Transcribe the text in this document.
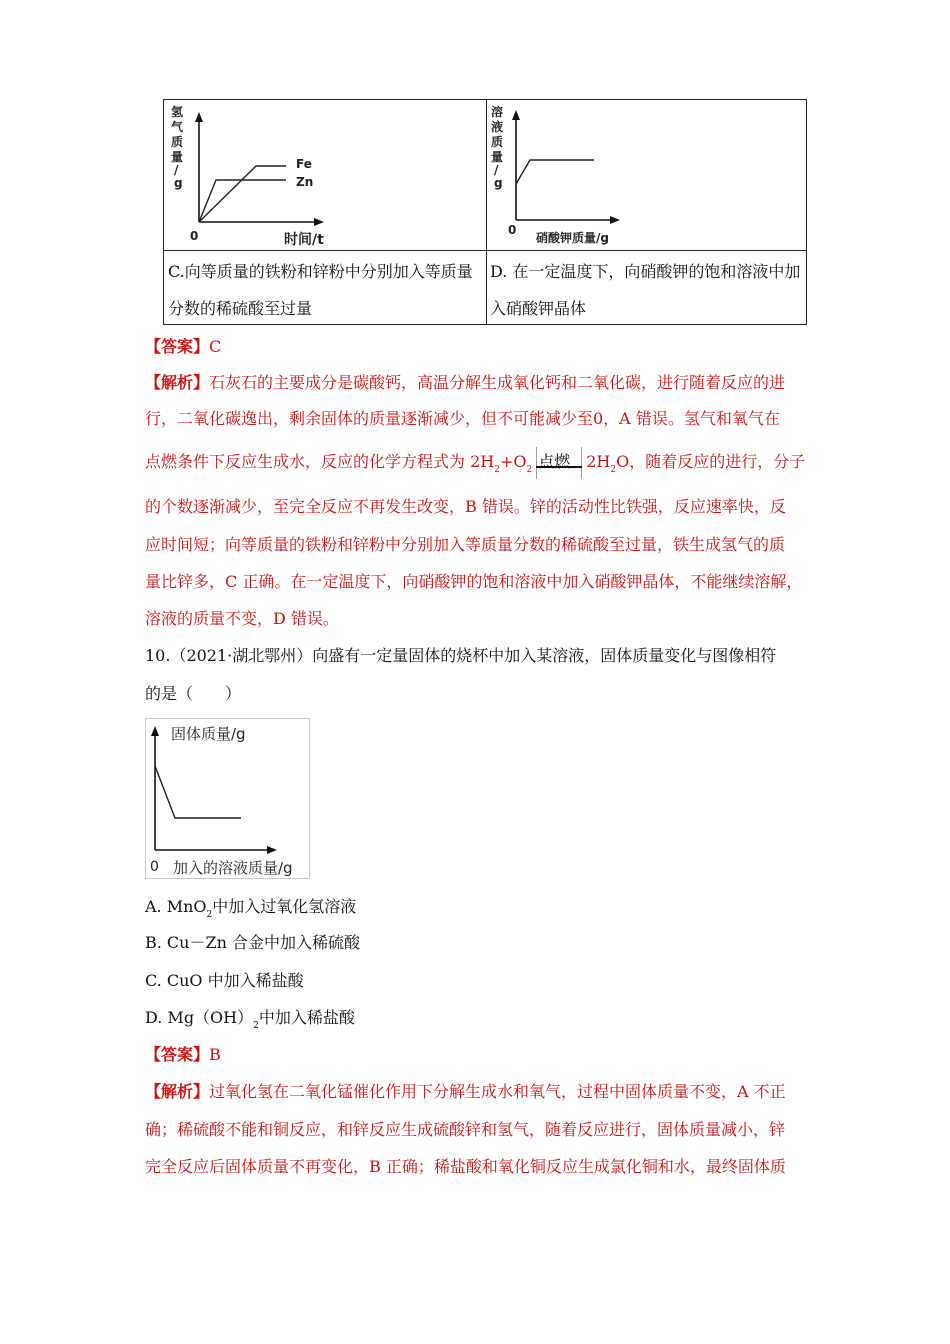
氢
气
质
量
/
g
Fe
Zn
0	时间/t
溶
液
质
量
/
g
0
硝酸钾质量/g
C.向等质量的铁粉和锌粉中分别加入等质量分数的稀硫酸至过量
D. 在一定温度下，向硝酸钾的饱和溶液中加入硝酸钾晶体
【答案】C
【解析】石灰石的主要成分是碳酸钙，高温分解生成氧化钙和二氧化碳，进行随着反应的进
行，二氧化碳逸出，剩余固体的质量逐渐减少，但不可能减少至0，A 错误。氢气和氧气在
点燃条件下反应生成水，反应的化学方程式为 $2H_2+O_2$ 点燃 $2H_2O$，随着反应的进行，分子
的个数逐渐减少，至完全反应不再发生改变，B 错误。锌的活动性比铁强，反应速率快，反
应时间短；向等质量的铁粉和锌粉中分别加入等质量分数的稀硫酸至过量，铁生成氢气的质
量比锌多，C 正确。在一定温度下，向硝酸钾的饱和溶液中加入硝酸钾晶体，不能继续溶解，
溶液的质量不变，D 错误。
10.（2021·湖北鄂州）向盛有一定量固体的烧杯中加入某溶液，固体质量变化与图像相符
的是（　　）
固体质量/g
0 加入的溶液质量/g
A. MnO$_2$中加入过氧化氢溶液
B. Cu－Zn 合金中加入稀硫酸
C. CuO 中加入稀盐酸
D. $Mg(OH)_2$中加入稀盐酸
【答案】B
【解析】过氧化氢在二氧化锰催化作用下分解生成水和氧气，过程中固体质量不变，A 不正
确；稀硫酸不能和铜反应，和锌反应生成硫酸锌和氢气，随着反应进行，固体质量减小，锌
完全反应后固体质量不再变化，B 正确；稀盐酸和氧化铜反应生成氯化铜和水，最终固体质
